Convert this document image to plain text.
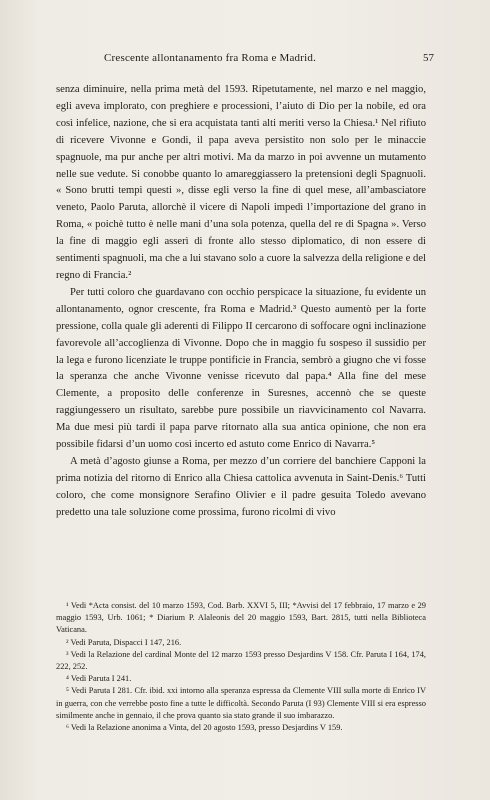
Crescente allontanamento fra Roma e Madrid.	57

senza diminuire, nella prima metà del 1593. Ripetutamente, nel marzo e nel maggio, egli aveva implorato, con preghiere e processioni, l’aiuto di Dio per la nobile, ed ora così infelice, nazione, che si era acquistata tanti alti meriti verso la Chiesa.¹ Nel rifiuto di ricevere Vivonne e Gondi, il papa aveva persistito non solo per le minaccie spagnuole, ma pur anche per altri motivi. Ma da marzo in poi avvenne un mutamento nelle sue vedute. Si conobbe quanto lo amareggiassero la pretensioni degli Spagnuoli. « Sono brutti tempi questi », disse egli verso la fine di quel mese, all’ambasciatore veneto, Paolo Paruta, allorchè il vicere di Napoli impedì l’importazione del grano in Roma, « poichè tutto è nelle mani d’una sola potenza, quella del re di Spagna ». Verso la fine di maggio egli asserì di fronte allo stesso diplomatico, di non essere di sentimenti spagnuoli, ma che a lui stavano solo a cuore la salvezza della religione e del regno di Francia.²

Per tutti coloro che guardavano con occhio perspicace la situazione, fu evidente un allontanamento, ognor crescente, fra Roma e Madrid.³ Questo aumentò per la forte pressione, colla quale gli aderenti di Filippo II cercarono di soffocare ogni inclinazione favorevole all’accoglienza di Vivonne. Dopo che in maggio fu sospeso il sussidio per la lega e furono licenziate le truppe pontificie in Francia, sembrò a giugno che vi fosse la speranza che anche Vivonne venisse ricevuto dal papa.⁴ Alla fine del mese Clemente, a proposito delle conferenze in Suresnes, accennò che se queste raggiungessero un risultato, sarebbe pure possibile un riavvicinamento col Navarra. Ma due mesi più tardi il papa parve ritornato alla sua antica opinione, che non era possibile fidarsi d’un uomo così incerto ed astuto come Enrico di Navarra.⁵

A metà d’agosto giunse a Roma, per mezzo d’un corriere del banchiere Capponi la prima notizia del ritorno di Enrico alla Chiesa cattolica avvenuta in Saint-Denis.⁶ Tutti coloro, che come monsignore Serafino Olivier e il padre gesuita Toledo avevano predetto una tale soluzione come prossima, furono ricolmi di vivo

¹ Vedi *Acta consist. del 10 marzo 1593, Cod. Barb. XXVI 5, III; *Avvisi del 17 febbraio, 17 marzo e 29 maggio 1593, Urb. 1061; * Diarium P. Alaleonis del 20 maggio 1593, Bart. 2815, tutti nella Biblioteca Vaticana.

² Vedi Paruta, Dispacci I 147, 216.

³ Vedi la Relazione del cardinal Monte del 12 marzo 1593 presso Desjardins V 158. Cfr. Paruta I 164, 174, 222, 252.

⁴ Vedi Paruta I 241.

⁵ Vedi Paruta I 281. Cfr. ibid. xxi intorno alla speranza espressa da Clemente VIII sulla morte di Enrico IV in guerra, con che verrebbe posto fine a tutte le difficoltà. Secondo Paruta (I 93) Clemente VIII si era espresso similmente anche in gennaio, il che prova quanto sia stato grande il suo imbarazzo.

⁶ Vedi la Relazione anonima a Vinta, del 20 agosto 1593, presso Desjardins V 159.
